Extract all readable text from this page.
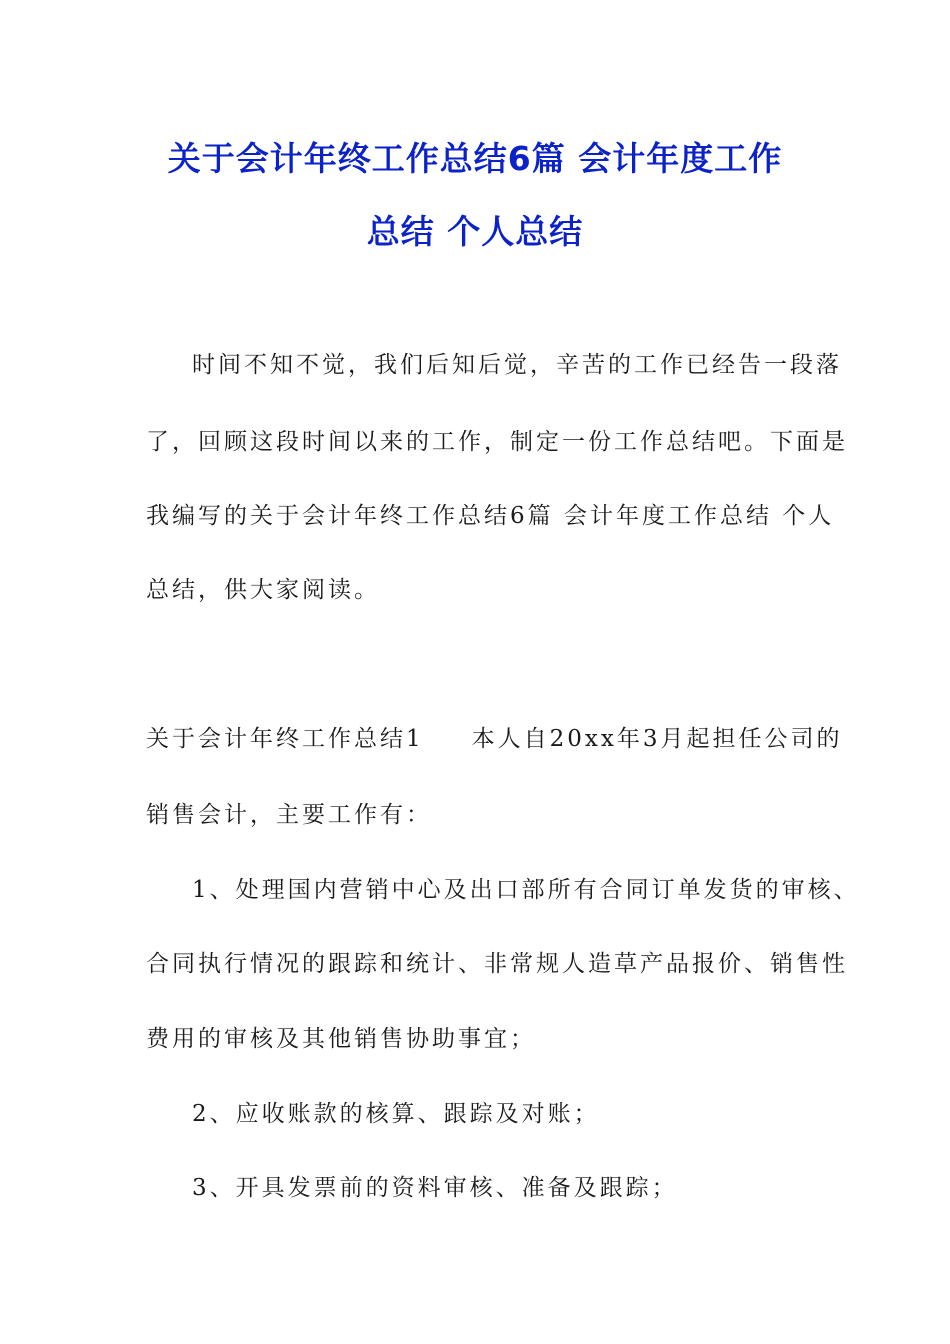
关于会计年终工作总结6篇 会计年度工作
总结 个人总结
时间不知不觉，我们后知后觉，辛苦的工作已经告一段落
了，回顾这段时间以来的工作，制定一份工作总结吧。下面是
我编写的关于会计年终工作总结6篇 会计年度工作总结 个人
总结，供大家阅读。
关于会计年终工作总结1 本人自20xx年3月起担任公司的
销售会计，主要工作有：
1、处理国内营销中心及出口部所有合同订单发货的审核、
合同执行情况的跟踪和统计、非常规人造草产品报价、销售性
费用的审核及其他销售协助事宜；
2、应收账款的核算、跟踪及对账；
3、开具发票前的资料审核、准备及跟踪；
